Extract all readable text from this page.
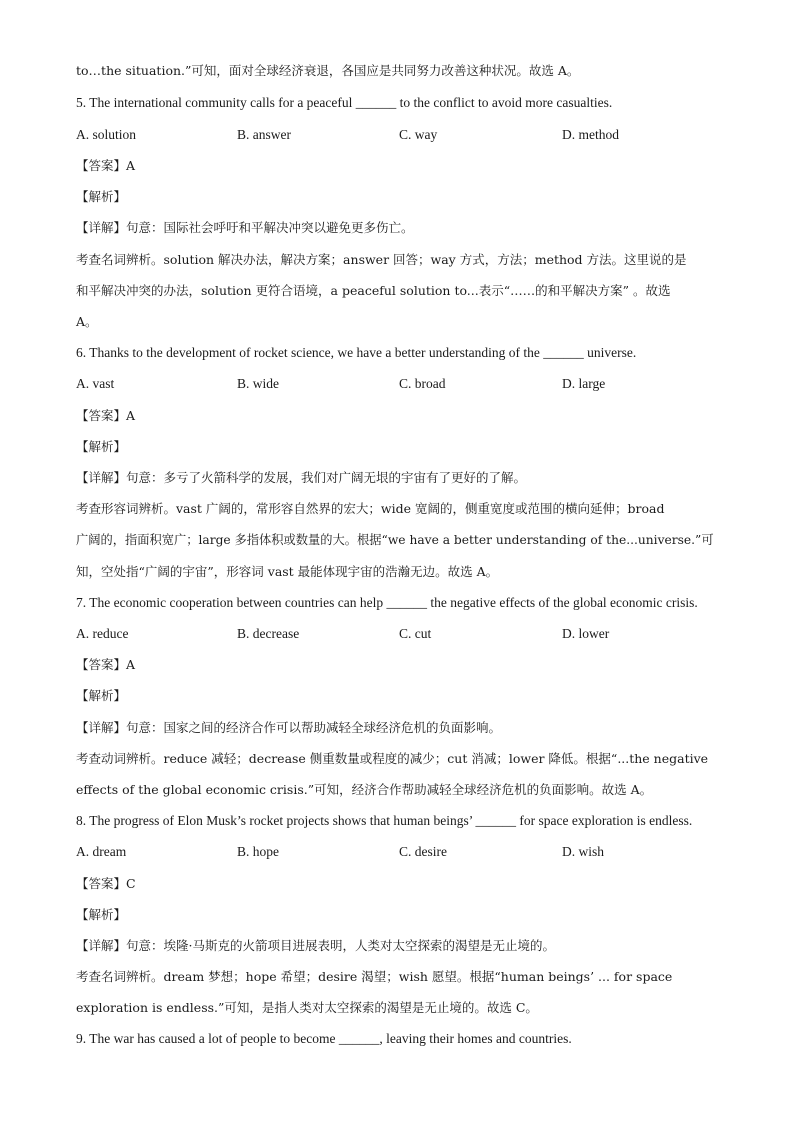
to…the situation.”可知，面对全球经济衰退，各国应是共同努力改善这种状况。故选 A。

5. The international community calls for a peaceful ______ to the conflict to avoid more casualties.

A. solution	B. answer	C. way	D. method

【答案】A

【解析】

【详解】句意：国际社会呼吁和平解决冲突以避免更多伤亡。

考查名词辨析。solution 解决办法，解决方案；answer 回答；way 方式，方法；method 方法。这里说的是

和平解决冲突的办法，solution 更符合语境，a peaceful solution to...表示“……的和平解决方案” 。故选

A。

6. Thanks to the development of rocket science, we have a better understanding of the ______ universe.

A. vast	B. wide	C. broad	D. large

【答案】A

【解析】

【详解】句意：多亏了火箭科学的发展，我们对广阔无垠的宇宙有了更好的了解。

考查形容词辨析。vast 广阔的，常形容自然界的宏大；wide 宽阔的，侧重宽度或范围的横向延伸；broad

广阔的，指面积宽广；large 多指体积或数量的大。根据“we have a better understanding of the...universe.”可

知，空处指“广阔的宇宙”，形容词 vast 最能体现宇宙的浩瀚无边。故选 A。

7. The economic cooperation between countries can help ______ the negative effects of the global economic crisis.

A. reduce	B. decrease	C. cut	D. lower

【答案】A

【解析】

【详解】句意：国家之间的经济合作可以帮助减轻全球经济危机的负面影响。

考查动词辨析。reduce 减轻；decrease 侧重数量或程度的减少；cut 消减；lower 降低。根据“...the negative

effects of the global economic crisis.”可知，经济合作帮助减轻全球经济危机的负面影响。故选 A。

8. The progress of Elon Musk’s rocket projects shows that human beings’ ______ for space exploration is endless.

A. dream	B. hope	C. desire	D. wish

【答案】C

【解析】

【详解】句意：埃隆·马斯克的火箭项目进展表明，人类对太空探索的渴望是无止境的。

考查名词辨析。dream 梦想；hope 希望；desire 渴望；wish 愿望。根据“human beings’ ... for space

exploration is endless.”可知，是指人类对太空探索的渴望是无止境的。故选 C。

9. The war has caused a lot of people to become ______, leaving their homes and countries.
